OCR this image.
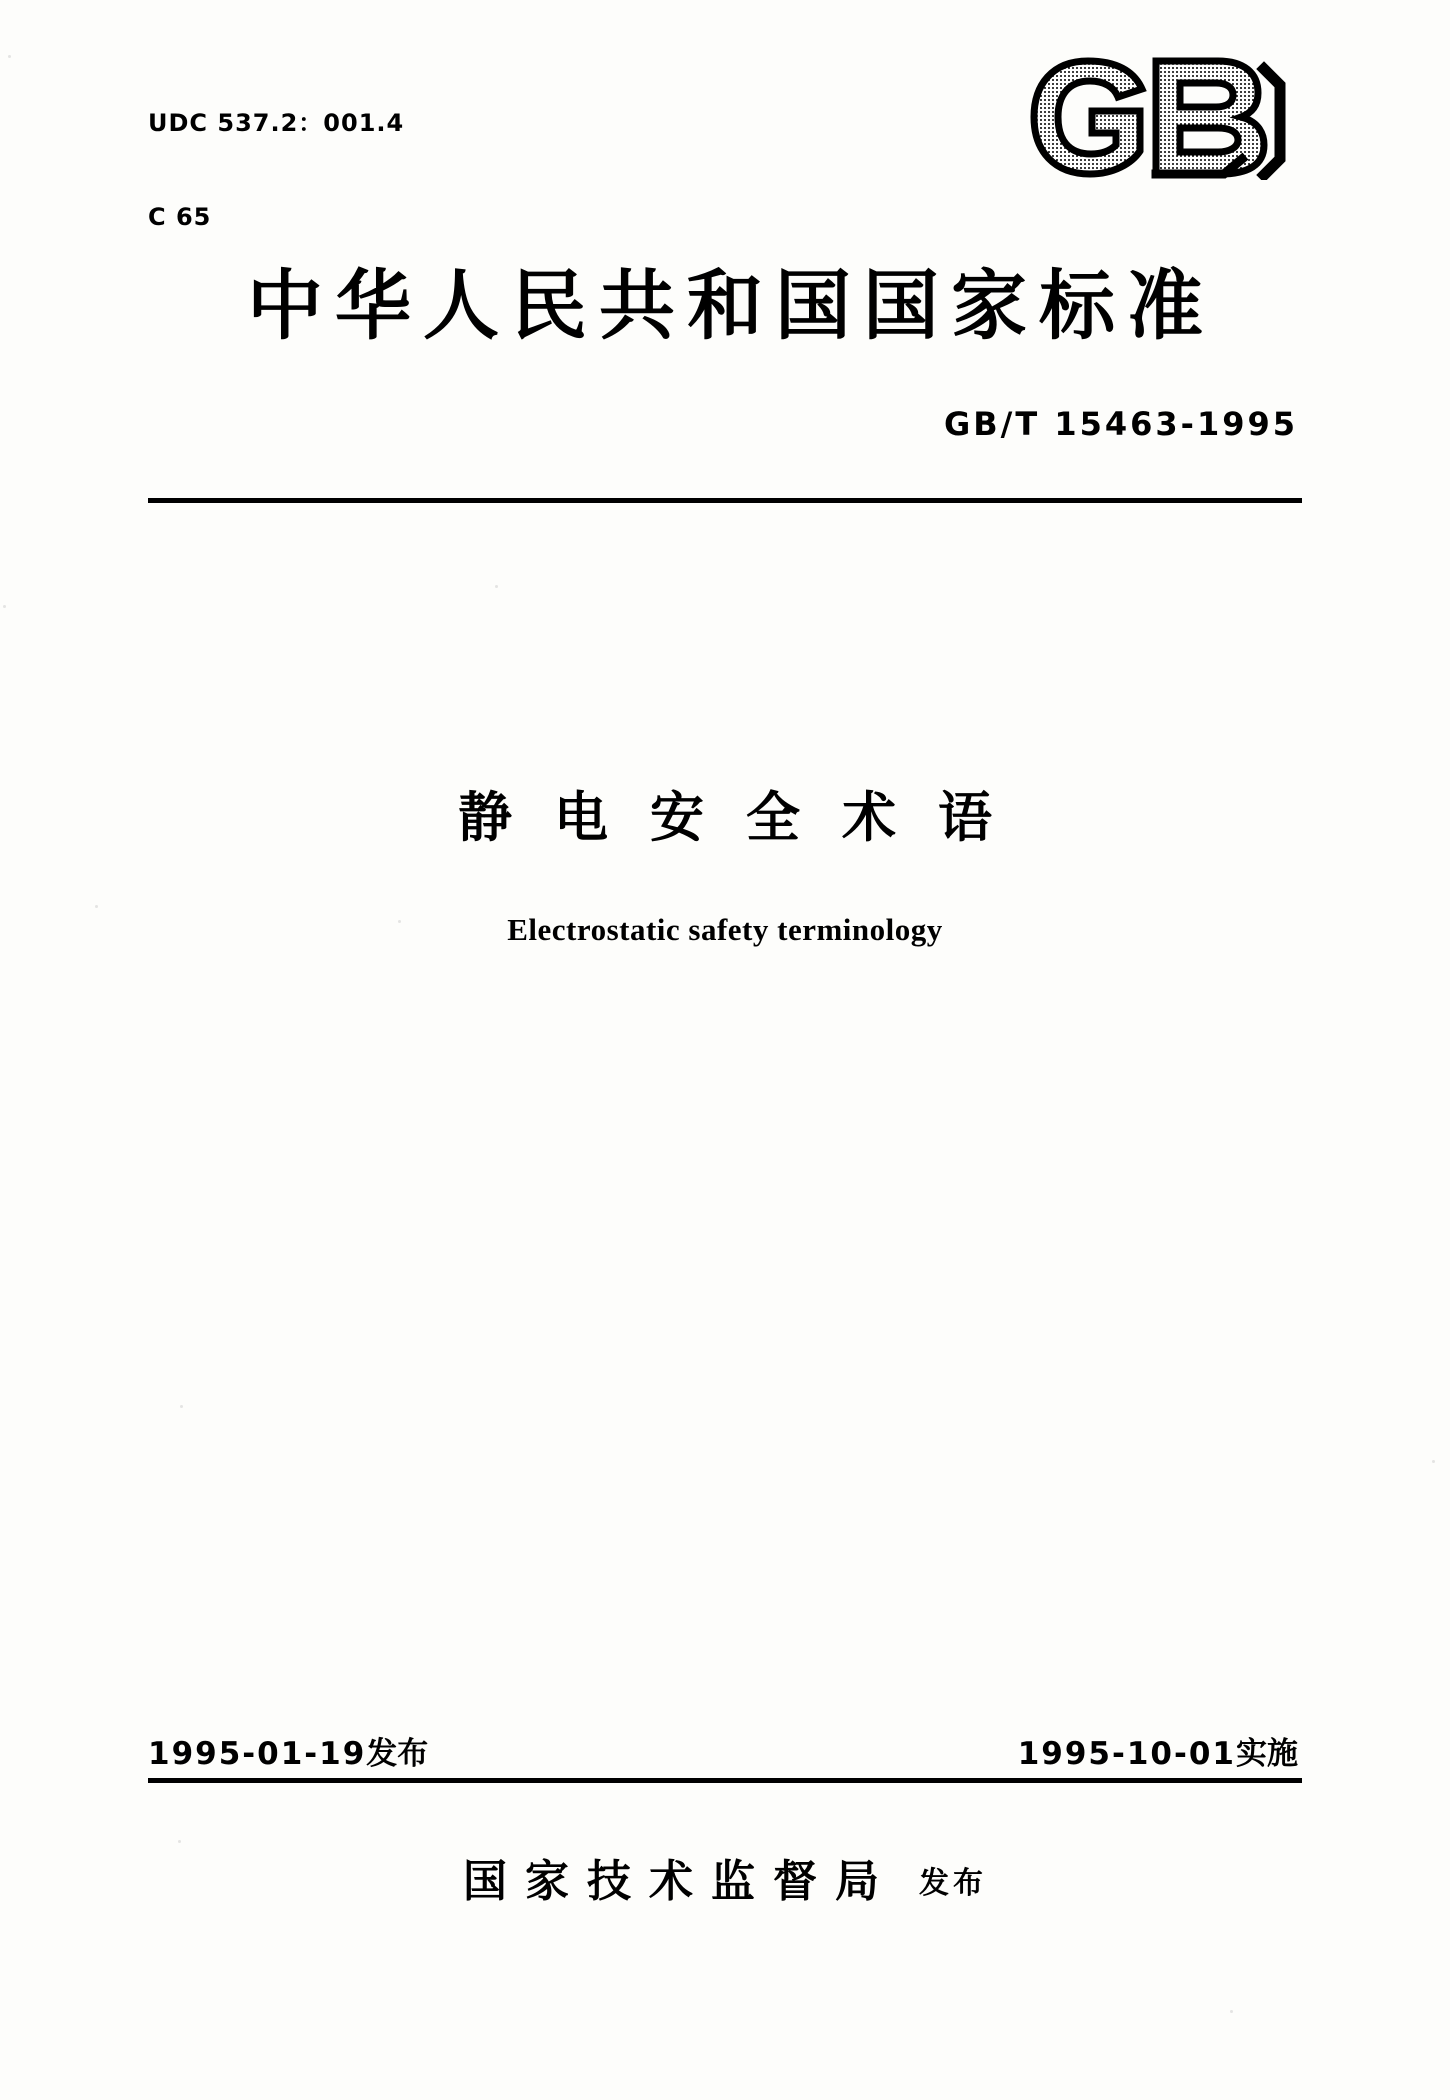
UDC 537.2：001.4

C 65

中华人民共和国国家标准
GB/T 15463-1995
静电安全术语
Electrostatic safety terminology
1995-01-19发布	1995-10-01实施
国家技术监督局 发布
